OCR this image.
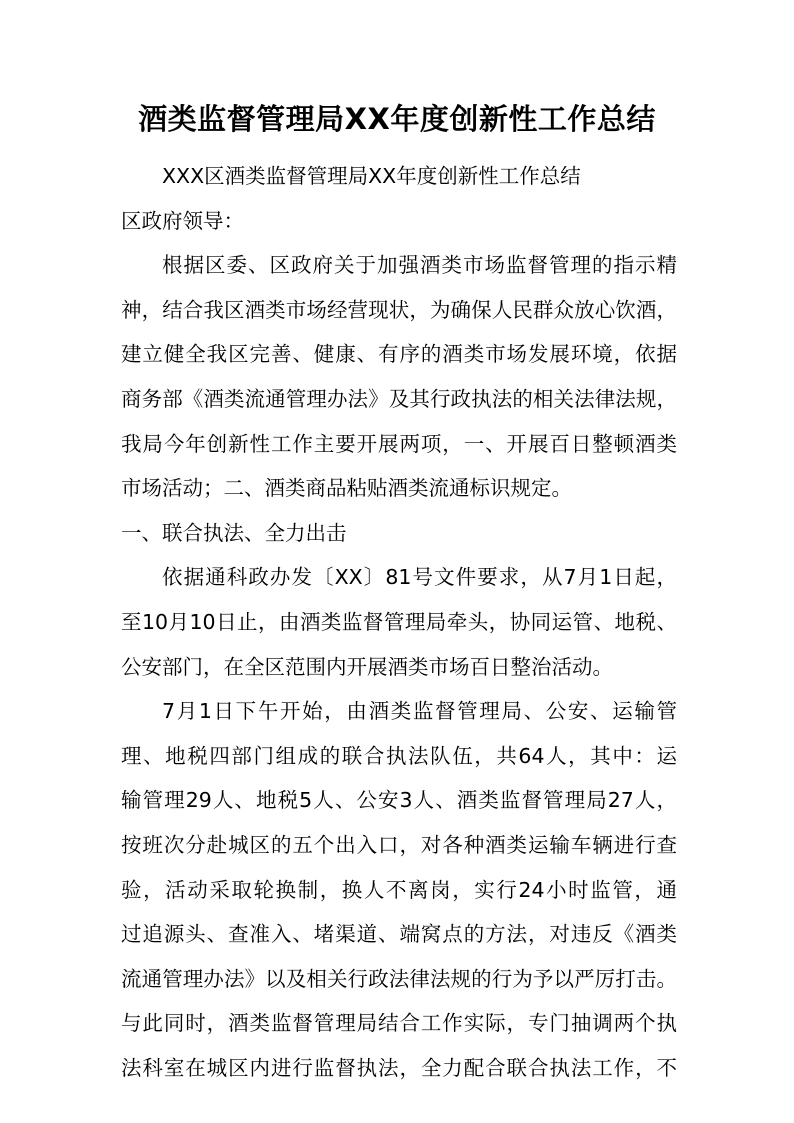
酒类监督管理局XX年度创新性工作总结
XXX区酒类监督管理局XX年度创新性工作总结
区政府领导：
根据区委、区政府关于加强酒类市场监督管理的指示精
神，结合我区酒类市场经营现状，为确保人民群众放心饮酒，
建立健全我区完善、健康、有序的酒类市场发展环境，依据
商务部《酒类流通管理办法》及其行政执法的相关法律法规，
我局今年创新性工作主要开展两项，一、开展百日整顿酒类
市场活动；二、酒类商品粘贴酒类流通标识规定。
一、联合执法、全力出击
依据通科政办发〔XX〕81号文件要求，从7月1日起，
至10月10日止，由酒类监督管理局牵头，协同运管、地税、
公安部门，在全区范围内开展酒类市场百日整治活动。
7月1日下午开始，由酒类监督管理局、公安、运输管
理、地税四部门组成的联合执法队伍，共64人，其中：运
输管理29人、地税5人、公安3人、酒类监督管理局27人，
按班次分赴城区的五个出入口，对各种酒类运输车辆进行查
验，活动采取轮换制，换人不离岗，实行24小时监管，通
过追源头、查准入、堵渠道、端窝点的方法，对违反《酒类
流通管理办法》以及相关行政法律法规的行为予以严厉打击。
与此同时，酒类监督管理局结合工作实际，专门抽调两个执
法科室在城区内进行监督执法，全力配合联合执法工作，不
